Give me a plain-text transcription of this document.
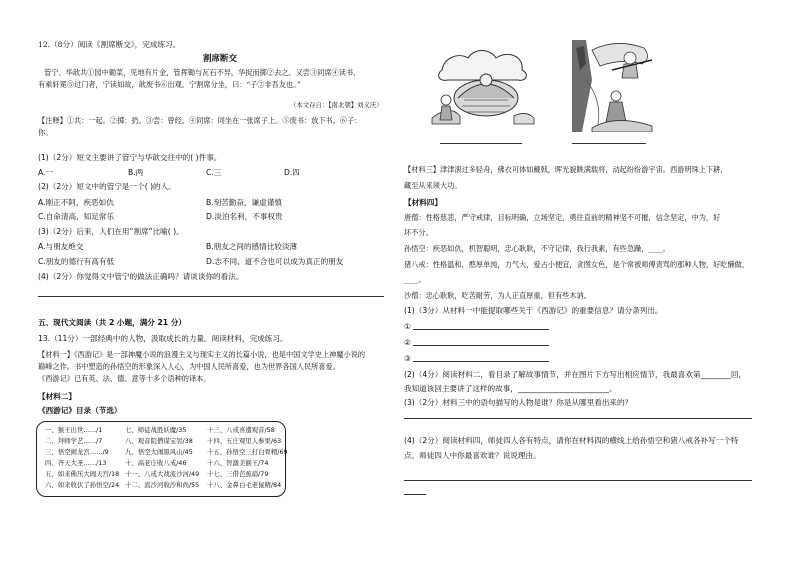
12.（8分）阅读《割席断交》，完成练习。
割席断交
管宁、华歆共①园中锄菜，见地有片金，管挥锄与瓦石不异，华捉而掷②去之。又尝③同席④读书，
有乘轩冕⑤过门者，宁读如故，歆废书⑥出观。宁割席分坐，曰：“子⑦非吾友也。”
（本文存自：【南北朝】刘义庆）
【注释】①共：一起。②掷：扔。③尝：曾经。④同席：同坐在一张席子上。⑤废书：放下书。⑥子：
你。
(1)（2分）短文主要讲了管宁与华歆交往中的( )件事。
A.一	B.两	C.三	D.四
(2)（2分）短文中的管宁是一个( )的人。
A.刚正不阿，疾恶如仇	B.刻苦勤奋，谦虚谨慎
C.自命清高，知足常乐	D.淡泊名利，不事权贵
(3)（2分）后来，人们在用“割席”比喻( )。
A.与朋友绝交	B.朋友之间的感情比较淡薄
C.朋友的德行有高有低	D.志不同、道不合也可以成为真正的朋友
(4)（2分）你觉得文中管宁的做法正确吗？请谈谈你的看法。
五、现代文阅读（共 2 小题，满分 21 分）
13.（11分）一部经典中的人物，汲取成长的力量。阅读材料，完成练习。
【材料一】《西游记》是一部神魔小说的浪漫主义与现实主义的长篇小说，也是中国文学史上神魔小说的
巅峰之作。书中塑造的孙悟空的形象深入人心，为中国人民所喜爱，也为世界各国人民所喜爱。
《西游记》已有英、法、德、意等十多个语种的译本。
【材料二】
《西游记》目录（节选）
一、猴王出世……/1	七、师徒战胜妖魔/35	十三、八戒喜遭观音/58
二、拜师学艺……/7	八、观音院僧谋宝袈/38 十四、五庄观里人参果/63
三、悟空闹龙宫……/9	九、悟空大闹黑风山/45 十五、孙悟空三打白骨精/69
四、齐天大圣……/13	十、高老庄收八戒/46	十六、智激美猴王/74
五、如来佛压大闹天宫/18 十一、八戒大战流沙河/49 十七、三借芭蕉扇/79
六、如来收伏了孙悟空/24 十二、流沙河收沙和尚/55 十八、金鼻白毛老鼠精/84
【材料三】津津滚过多轻舟，佛衣可体如戴戟，晖光貌眺满载将，动起纷纷游宇宙。西游明珠上下耕，
藏至从来须大功。
【材料四】
唐僧：性格慈悲，严守戒律，目标明确，立场坚定，勇往直前的精神坚不可摧，信念坚定，中为，好
坏不分。
孙悟空：疾恶如仇，机智聪明，忠心耿耿，不守记律，我行我素，有些急躁，____。
猪八戒：性格温和，憨厚单纯，力气大，爱占小便宜，贪图女色，是个常被师傅责骂的那种人物，好吃懒做，
____。
沙僧：忠心耿耿，吃苦耐劳，为人正直厚重，但有些木讷。
(1)（3分）从材料一中能提取哪些关于《西游记》的重要信息？请分条列出。
①
②
③
(2)（4分）阅读材料二，看目录了解故事情节，并在图片下方写出相应情节，我最喜欢第________回，
我知道该回主要讲了这样的故事，________________________。
(3)（2分）材料三中的语句描写的人物是谁？你是从哪里看出来的？
(4)（2分）阅读材料四，师徒四人各有特点，请你在材料四的横线上给孙悟空和猪八戒各补写一个特
点。师徒四人中你最喜欢谁？说说理由。
